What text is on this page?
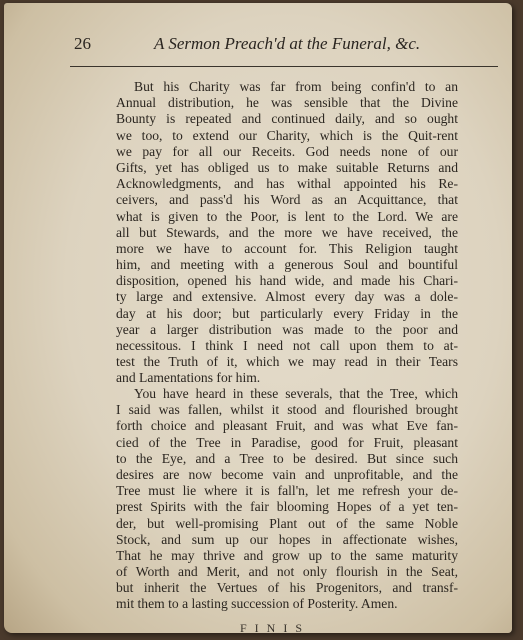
26	A Sermon Preach'd at the Funeral, &c.
But his Charity was far from being confin'd to an
Annual distribution, he was sensible that the Divine
Bounty is repeated and continued daily, and so ought
we too, to extend our Charity, which is the Quit-rent
we pay for all our Receits. God needs none of our
Gifts, yet has obliged us to make suitable Returns and
Acknowledgments, and has withal appointed his Re-
ceivers, and pass'd his Word as an Acquittance, that
what is given to the Poor, is lent to the Lord. We are
all but Stewards, and the more we have received, the
more we have to account for. This Religion taught
him, and meeting with a generous Soul and bountiful
disposition, opened his hand wide, and made his Chari-
ty large and extensive. Almost every day was a dole-
day at his door; but particularly every Friday in the
year a larger distribution was made to the poor and
necessitous. I think I need not call upon them to at-
test the Truth of it, which we may read in their Tears
and Lamentations for him.
You have heard in these severals, that the Tree, which
I said was fallen, whilst it stood and flourished brought
forth choice and pleasant Fruit, and was what Eve fan-
cied of the Tree in Paradise, good for Fruit, pleasant
to the Eye, and a Tree to be desired. But since such
desires are now become vain and unprofitable, and the
Tree must lie where it is fall'n, let me refresh your de-
prest Spirits with the fair blooming Hopes of a yet ten-
der, but well-promising Plant out of the same Noble
Stock, and sum up our hopes in affectionate wishes,
That he may thrive and grow up to the same maturity
of Worth and Merit, and not only flourish in the Seat,
but inherit the Vertues of his Progenitors, and transf-
mit them to a lasting succession of Posterity. Amen.
FINIS
